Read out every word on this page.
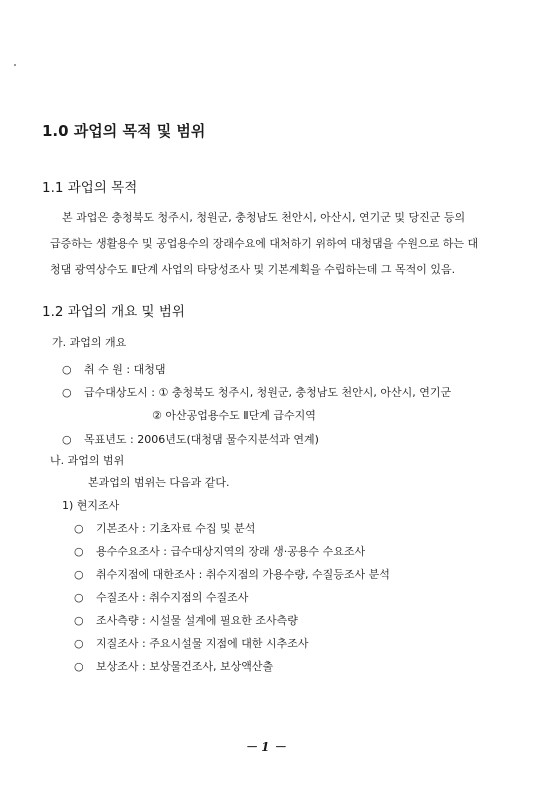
1.0 과업의 목적 및 범위
1.1 과업의 목적
본 과업은 충청북도 청주시, 청원군, 충청남도 천안시, 아산시, 연기군 및 당진군 등의
급증하는 생활용수 및 공업용수의 장래수요에 대처하기 위하여 대청댐을 수원으로 하는 대
청댐 광역상수도 Ⅱ단계 사업의 타당성조사 및 기본계획을 수립하는데 그 목적이 있음.
1.2 과업의 개요 및 범위
가. 과업의 개요
○ 취 수 원 : 대청댐
○ 급수대상도시 : ① 충청북도 청주시, 청원군, 충청남도 천안시, 아산시, 연기군
② 아산공업용수도 Ⅱ단계 급수지역
○ 목표년도 : 2006년도(대청댐 물수지분석과 연계)
나. 과업의 범위
본과업의 범위는 다음과 같다.
1) 현지조사
○ 기본조사 : 기초자료 수집 및 분석
○ 용수수요조사 : 급수대상지역의 장래 생·공용수 수요조사
○ 취수지점에 대한조사 : 취수지점의 가용수량, 수질등조사 분석
○ 수질조사 : 취수지점의 수질조사
○ 조사측량 : 시설물 설계에 필요한 조사측량
○ 지질조사 : 주요시설물 지점에 대한 시추조사
○ 보상조사 : 보상물건조사, 보상액산출
－ 1 －
